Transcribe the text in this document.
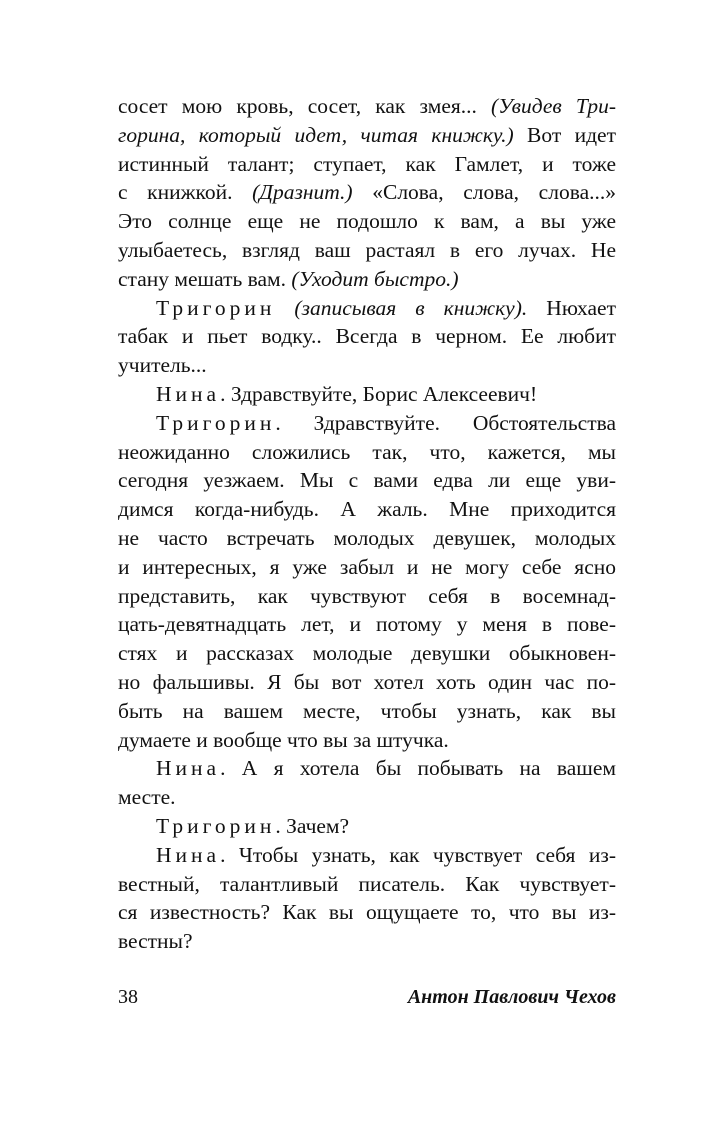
сосет мою кровь, сосет, как змея... (Увидев Три-
горина, который идет, читая книжку.) Вот идет
истинный талант; ступает, как Гамлет, и тоже
с книжкой. (Дразнит.) «Слова, слова, слова...»
Это солнце еще не подошло к вам, а вы уже
улыбаетесь, взгляд ваш растаял в его лучах. Не
стану мешать вам. (Уходит быстро.)
Тригорин (записывая в книжку). Нюхает
табак и пьет водку.. Всегда в черном. Ее любит
учитель...
Нина. Здравствуйте, Борис Алексеевич!
Тригорин. Здравствуйте. Обстоятельства
неожиданно сложились так, что, кажется, мы
сегодня уезжаем. Мы с вами едва ли еще уви-
димся когда-нибудь. А жаль. Мне приходится
не часто встречать молодых девушек, молодых
и интересных, я уже забыл и не могу себе ясно
представить, как чувствуют себя в восемнад-
цать-девятнадцать лет, и потому у меня в пове-
стях и рассказах молодые девушки обыкновен-
но фальшивы. Я бы вот хотел хоть один час по-
быть на вашем месте, чтобы узнать, как вы
думаете и вообще что вы за штучка.
Нина. А я хотела бы побывать на вашем
месте.
Тригорин. Зачем?
Нина. Чтобы узнать, как чувствует себя из-
вестный, талантливый писатель. Как чувствует-
ся известность? Как вы ощущаете то, что вы из-
вестны?
38	Антон Павлович Чехов
